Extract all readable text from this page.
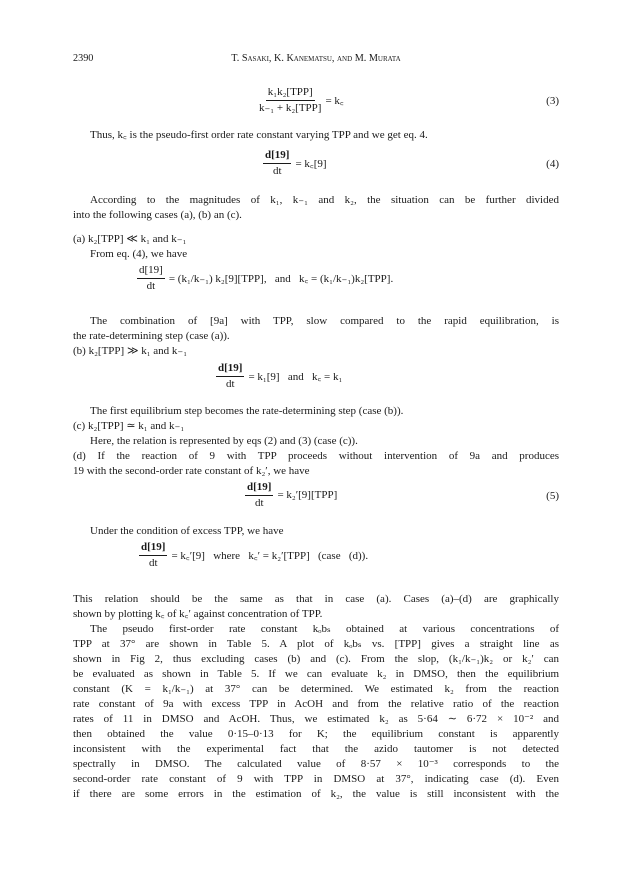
2390	T. Sasaki, K. Kanematsu, and M. Murata
$\frac{\text{k₁k₂[TPP]}}{\text{k₋₁ + k₂[TPP]}}$ = k꜀	(3)

Thus, k꜀ is the pseudo-first order rate constant varying TPP and we get eq. 4.

$\frac{d[19]}{dt}$ = k꜀[9]	(4)

According to the magnitudes of k₁, k₋₁ and k₂, the situation can be further divided
into the following cases (a), (b) an (c).

(a) k₂[TPP] ≪ k₁ and k₋₁

From eq. (4), we have

$\frac{d[19]}{dt} = (k_1/k_{-1})$ k₂[9][TPP],   and   k꜀ = (k₁/k₋₁)k₂[TPP].

The combination of [9a] with TPP, slow compared to the rapid equilibration, is
the rate-determining step (case (a)).

(b) k₂[TPP] ≫ k₁ and k₋₁

$\frac{d[19]}{dt} = k_1[9]$   and   k꜀ = k₁

The first equilibrium step becomes the rate-determining step (case (b)).

(c) k₂[TPP] ≃ k₁ and k₋₁

Here, the relation is represented by eqs (2) and (3) (case (c)).

(d) If the reaction of 9 with TPP proceeds without intervention of 9a and produces
19 with the second-order rate constant of k₂′, we have

$\frac{d[19]}{dt} = k_2'[9][TPP]$	(5)

Under the condition of excess TPP, we have

$\frac{d[19]}{dt}$ = k꜀′[9]   where   k꜀′ = k₂′[TPP]   (case   (d)).

This relation should be the same as that in case (a). Cases (a)–(d) are graphically
shown by plotting k꜀ of k꜀′ against concentration of TPP.

The pseudo first-order rate constant kₒbₛ obtained at various concentrations of
TPP at 37° are shown in Table 5. A plot of kₒbₛ vs. [TPP] gives a straight line as
shown in Fig 2, thus excluding cases (b) and (c). From the slop, (k₁/k₋₁)k₂ or k₂′ can
be evaluated as shown in Table 5. If we can evaluate k₂ in DMSO, then the equilibrium
constant (K = k₁/k₋₁) at 37° can be determined. We estimated k₂ from the reaction
rate constant of 9a with excess TPP in AcOH and from the relative ratio of the reaction
rates of 11 in DMSO and AcOH. Thus, we estimated k₂ as 5·64 ∼ 6·72 × 10⁻² and
then obtained the value 0·15–0·13 for K; the equilibrium constant is apparently
inconsistent with the experimental fact that the azido tautomer is not detected
spectrally in DMSO. The calculated value of 8·57 × 10⁻³ corresponds to the
second-order rate constant of 9 with TPP in DMSO at 37°, indicating case (d). Even
if there are some errors in the estimation of k₂, the value is still inconsistent with the
